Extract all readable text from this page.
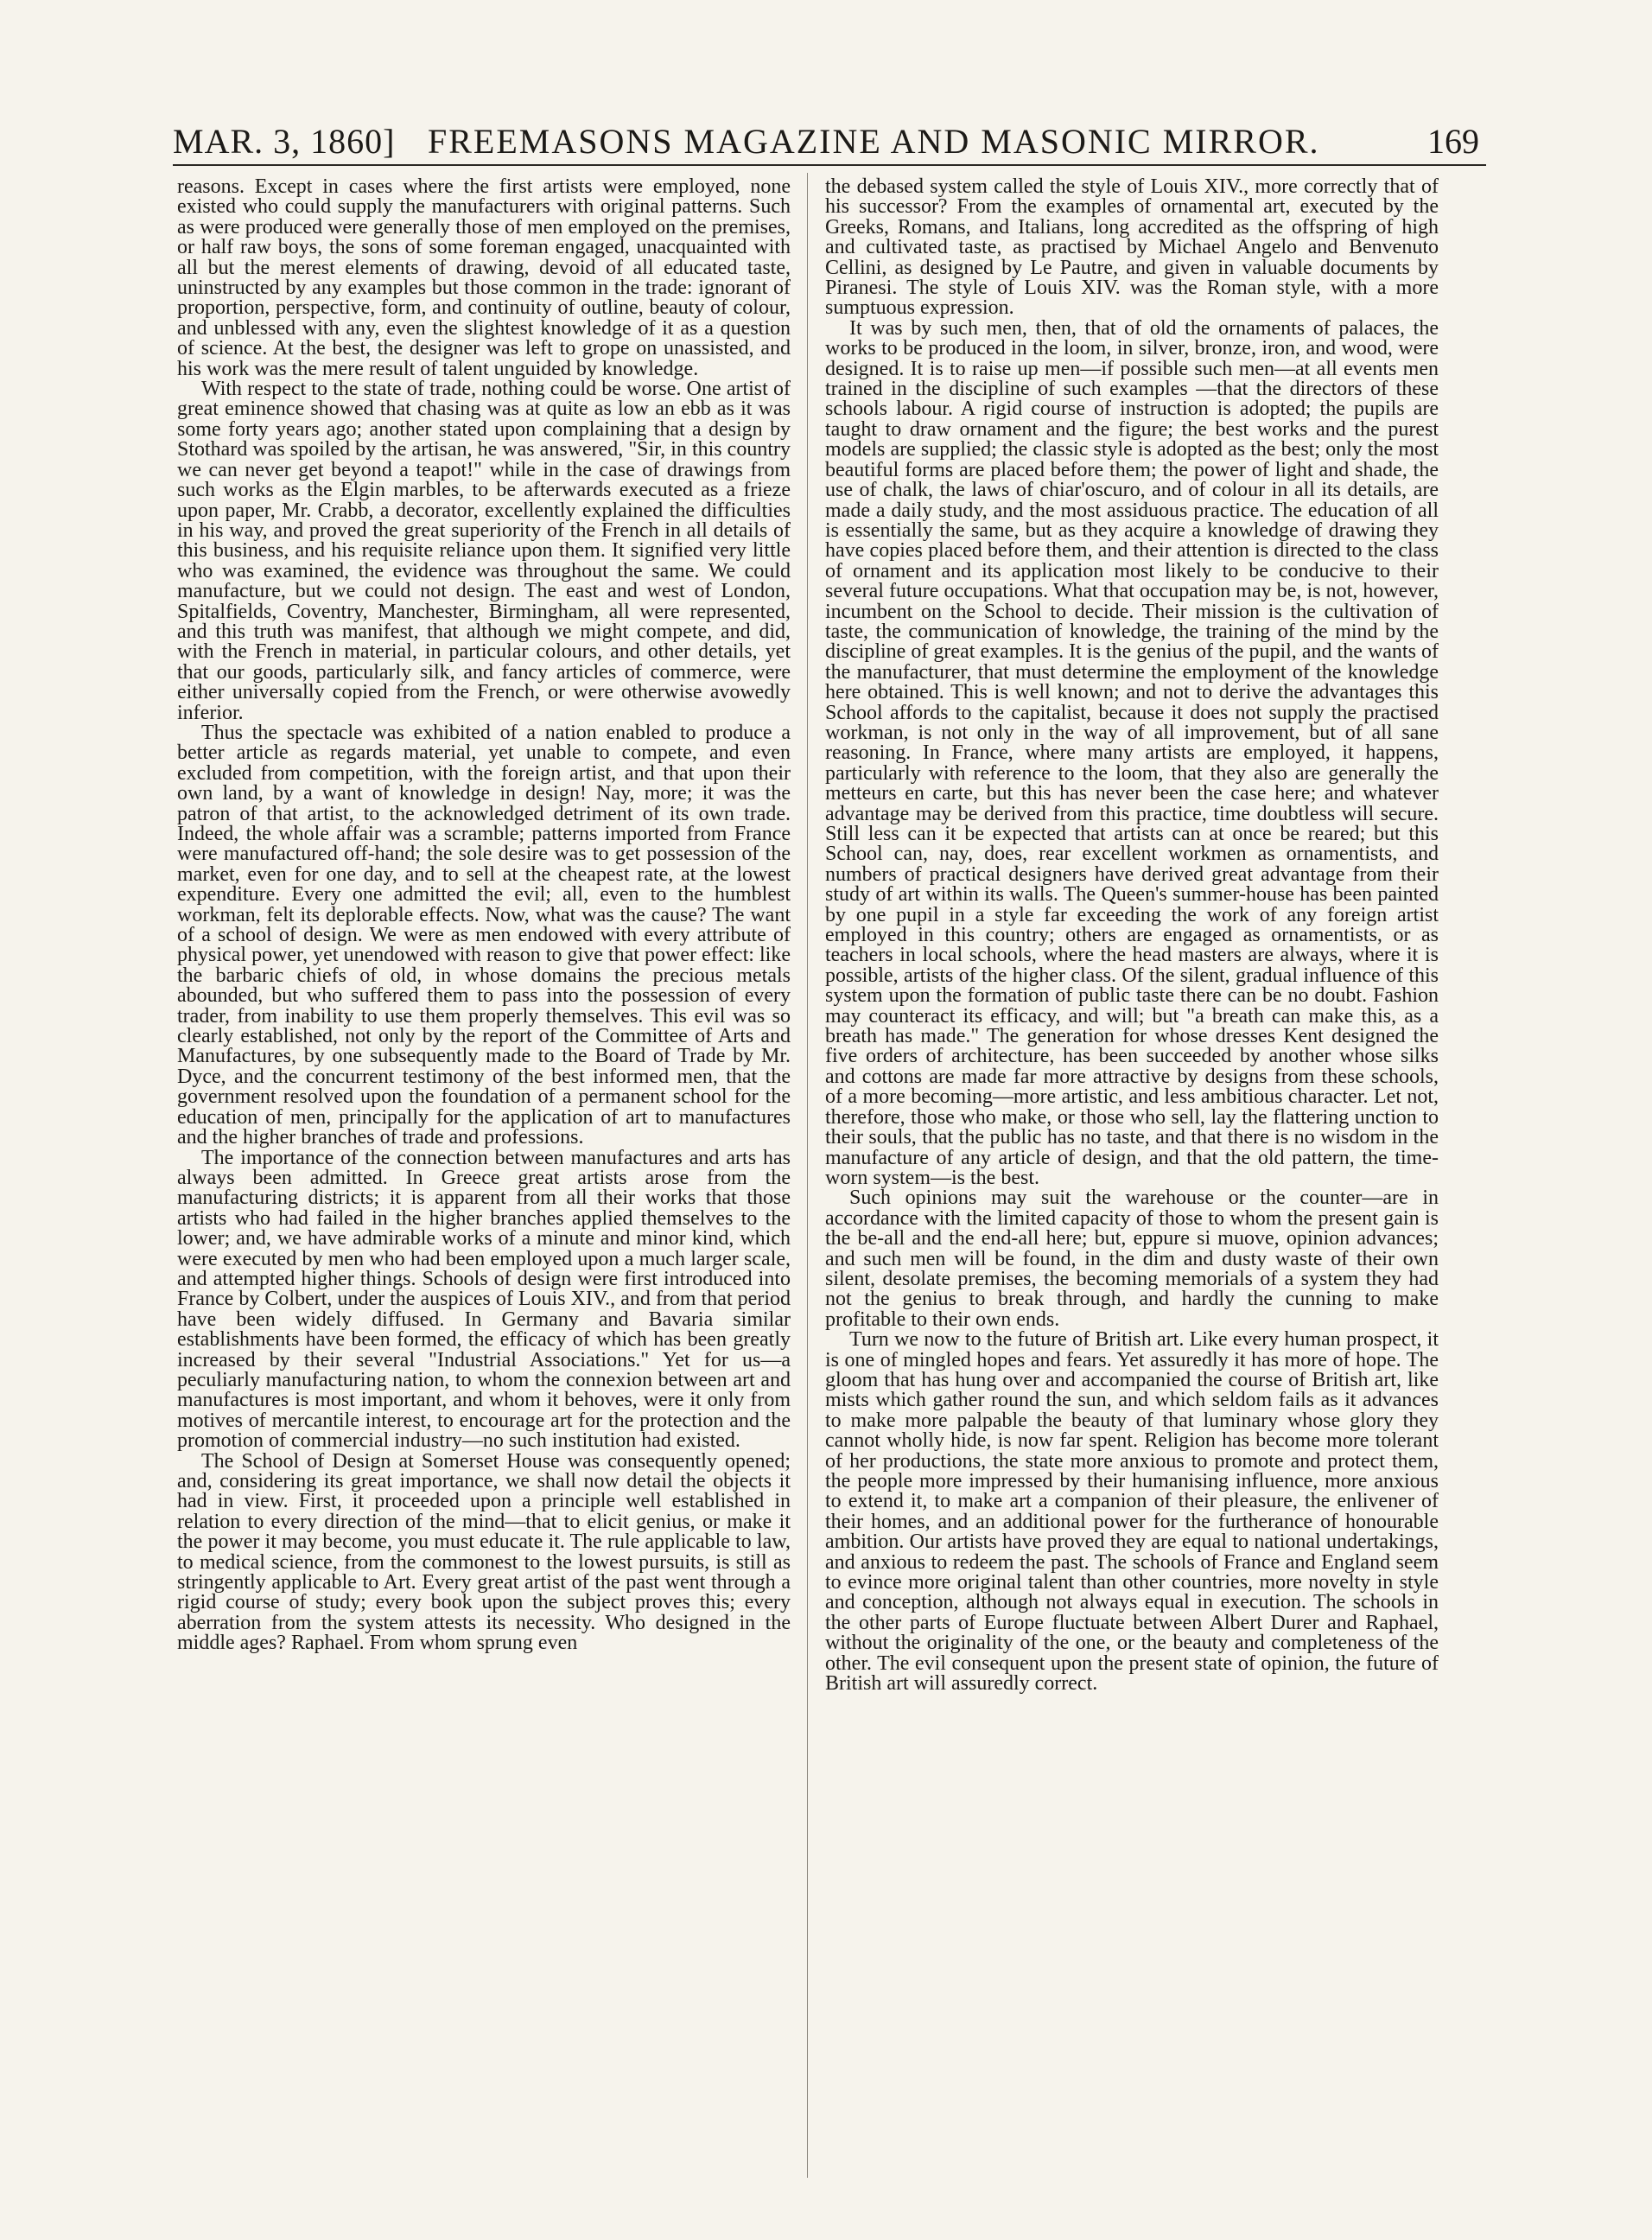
MAR. 3, 1860] FREEMASONS MAGAZINE AND MASONIC MIRROR.	169

reasons. Except in cases where the first artists were employed, none existed who could supply the manufacturers with original patterns. Such as were produced were generally those of men employed on the premises, or half raw boys, the sons of some foreman engaged, unacquainted with all but the merest elements of drawing, devoid of all educated taste, uninstructed by any examples but those common in the trade: ignorant of proportion, perspective, form, and continuity of outline, beauty of colour, and unblessed with any, even the slightest knowledge of it as a question of science. At the best, the designer was left to grope on unassisted, and his work was the mere result of talent unguided by knowledge.

With respect to the state of trade, nothing could be worse. One artist of great eminence showed that chasing was at quite as low an ebb as it was some forty years ago; another stated upon complaining that a design by Stothard was spoiled by the artisan, he was answered, "Sir, in this country we can never get beyond a teapot!" while in the case of drawings from such works as the Elgin marbles, to be afterwards executed as a frieze upon paper, Mr. Crabb, a decorator, excellently explained the difficulties in his way, and proved the great superiority of the French in all details of this business, and his requisite reliance upon them. It signified very little who was examined, the evidence was throughout the same. We could manufacture, but we could not design. The east and west of London, Spitalfields, Coventry, Manchester, Birmingham, all were represented, and this truth was manifest, that although we might compete, and did, with the French in material, in particular colours, and other details, yet that our goods, particularly silk, and fancy articles of commerce, were either universally copied from the French, or were otherwise avowedly inferior.

Thus the spectacle was exhibited of a nation enabled to produce a better article as regards material, yet unable to compete, and even excluded from competition, with the foreign artist, and that upon their own land, by a want of knowledge in design! Nay, more; it was the patron of that artist, to the acknowledged detriment of its own trade. Indeed, the whole affair was a scramble; patterns imported from France were manufactured off-hand; the sole desire was to get possession of the market, even for one day, and to sell at the cheapest rate, at the lowest expenditure. Every one admitted the evil; all, even to the humblest workman, felt its deplorable effects. Now, what was the cause? The want of a school of design. We were as men endowed with every attribute of physical power, yet unendowed with reason to give that power effect: like the barbaric chiefs of old, in whose domains the precious metals abounded, but who suffered them to pass into the possession of every trader, from inability to use them properly themselves. This evil was so clearly established, not only by the report of the Committee of Arts and Manufactures, by one subsequently made to the Board of Trade by Mr. Dyce, and the concurrent testimony of the best informed men, that the government resolved upon the foundation of a permanent school for the education of men, principally for the application of art to manufactures and the higher branches of trade and professions.

The importance of the connection between manufactures and arts has always been admitted. In Greece great artists arose from the manufacturing districts; it is apparent from all their works that those artists who had failed in the higher branches applied themselves to the lower; and, we have admirable works of a minute and minor kind, which were executed by men who had been employed upon a much larger scale, and attempted higher things. Schools of design were first introduced into France by Colbert, under the auspices of Louis XIV., and from that period have been widely diffused. In Germany and Bavaria similar establishments have been formed, the efficacy of which has been greatly increased by their several "Industrial Associations." Yet for us—a peculiarly manufacturing nation, to whom the connexion between art and manufactures is most important, and whom it behoves, were it only from motives of mercantile interest, to encourage art for the protection and the promotion of commercial industry—no such institution had existed.

The School of Design at Somerset House was consequently opened; and, considering its great importance, we shall now detail the objects it had in view. First, it proceeded upon a principle well established in relation to every direction of the mind—that to elicit genius, or make it the power it may become, you must educate it. The rule applicable to law, to medical science, from the commonest to the lowest pursuits, is still as stringently applicable to Art. Every great artist of the past went through a rigid course of study; every book upon the subject proves this; every aberration from the system attests its necessity. Who designed in the middle ages? Raphael. From whom sprung even

the debased system called the style of Louis XIV., more correctly that of his successor? From the examples of ornamental art, executed by the Greeks, Romans, and Italians, long accredited as the offspring of high and cultivated taste, as practised by Michael Angelo and Benvenuto Cellini, as designed by Le Pautre, and given in valuable documents by Piranesi. The style of Louis XIV. was the Roman style, with a more sumptuous expression.

It was by such men, then, that of old the ornaments of palaces, the works to be produced in the loom, in silver, bronze, iron, and wood, were designed. It is to raise up men—if possible such men—at all events men trained in the discipline of such examples —that the directors of these schools labour. A rigid course of instruction is adopted; the pupils are taught to draw ornament and the figure; the best works and the purest models are supplied; the classic style is adopted as the best; only the most beautiful forms are placed before them; the power of light and shade, the use of chalk, the laws of chiar'oscuro, and of colour in all its details, are made a daily study, and the most assiduous practice. The education of all is essentially the same, but as they acquire a knowledge of drawing they have copies placed before them, and their attention is directed to the class of ornament and its application most likely to be conducive to their several future occupations. What that occupation may be, is not, however, incumbent on the School to decide. Their mission is the cultivation of taste, the communication of knowledge, the training of the mind by the discipline of great examples. It is the genius of the pupil, and the wants of the manufacturer, that must determine the employment of the knowledge here obtained. This is well known; and not to derive the advantages this School affords to the capitalist, because it does not supply the practised workman, is not only in the way of all improvement, but of all sane reasoning. In France, where many artists are employed, it happens, particularly with reference to the loom, that they also are generally the metteurs en carte, but this has never been the case here; and whatever advantage may be derived from this practice, time doubtless will secure. Still less can it be expected that artists can at once be reared; but this School can, nay, does, rear excellent workmen as ornamentists, and numbers of practical designers have derived great advantage from their study of art within its walls. The Queen's summer-house has been painted by one pupil in a style far exceeding the work of any foreign artist employed in this country; others are engaged as ornamentists, or as teachers in local schools, where the head masters are always, where it is possible, artists of the higher class. Of the silent, gradual influence of this system upon the formation of public taste there can be no doubt. Fashion may counteract its efficacy, and will; but "a breath can make this, as a breath has made." The generation for whose dresses Kent designed the five orders of architecture, has been succeeded by another whose silks and cottons are made far more attractive by designs from these schools, of a more becoming—more artistic, and less ambitious character. Let not, therefore, those who make, or those who sell, lay the flattering unction to their souls, that the public has no taste, and that there is no wisdom in the manufacture of any article of design, and that the old pattern, the time-worn system—is the best.

Such opinions may suit the warehouse or the counter—are in accordance with the limited capacity of those to whom the present gain is the be-all and the end-all here; but, eppure si muove, opinion advances; and such men will be found, in the dim and dusty waste of their own silent, desolate premises, the becoming memorials of a system they had not the genius to break through, and hardly the cunning to make profitable to their own ends.

Turn we now to the future of British art. Like every human prospect, it is one of mingled hopes and fears. Yet assuredly it has more of hope. The gloom that has hung over and accompanied the course of British art, like mists which gather round the sun, and which seldom fails as it advances to make more palpable the beauty of that luminary whose glory they cannot wholly hide, is now far spent. Religion has become more tolerant of her productions, the state more anxious to promote and protect them, the people more impressed by their humanising influence, more anxious to extend it, to make art a companion of their pleasure, the enlivener of their homes, and an additional power for the furtherance of honourable ambition. Our artists have proved they are equal to national undertakings, and anxious to redeem the past. The schools of France and England seem to evince more original talent than other countries, more novelty in style and conception, although not always equal in execution. The schools in the other parts of Europe fluctuate between Albert Durer and Raphael, without the originality of the one, or the beauty and completeness of the other. The evil consequent upon the present state of opinion, the future of British art will assuredly correct.
